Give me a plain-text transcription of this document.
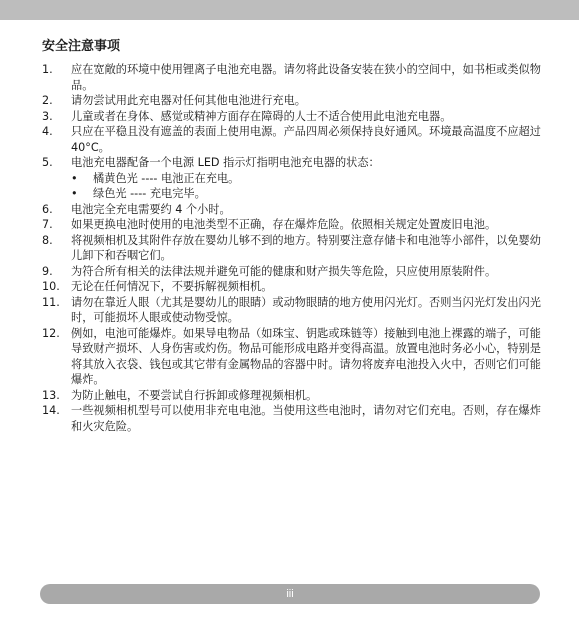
安全注意事项
1.	应在宽敞的环境中使用锂离子电池充电器。请勿将此设备安装在狭小的空间中，如书柜或类似物品。
2.	请勿尝试用此充电器对任何其他电池进行充电。
3.	儿童或者在身体、感觉或精神方面存在障碍的人士不适合使用此电池充电器。
4.	只应在平稳且没有遮盖的表面上使用电源。产品四周必须保持良好通风。环境最高温度不应超过 40°C。
5.	电池充电器配备一个电源 LED 指示灯指明电池充电器的状态：
•	橘黄色光 ---- 电池正在充电。
•	绿色光 ---- 充电完毕。
6.	电池完全充电需要约 4 个小时。
7.	如果更换电池时使用的电池类型不正确，存在爆炸危险。依照相关规定处置废旧电池。
8.	将视频相机及其附件存放在婴幼儿够不到的地方。特别要注意存储卡和电池等小部件，以免婴幼儿卸下和吞咽它们。
9.	为符合所有相关的法律法规并避免可能的健康和财产损失等危险，只应使用原装附件。
10.	无论在任何情况下，不要拆解视频相机。
11.	请勿在靠近人眼（尤其是婴幼儿的眼睛）或动物眼睛的地方使用闪光灯。否则当闪光灯发出闪光时，可能损坏人眼或使动物受惊。
12.	例如，电池可能爆炸。如果导电物品（如珠宝、钥匙或珠链等）接触到电池上裸露的端子，可能导致财产损坏、人身伤害或灼伤。物品可能形成电路并变得高温。放置电池时务必小心，特别是将其放入衣袋、钱包或其它带有金属物品的容器中时。请勿将废弃电池投入火中，否则它们可能爆炸。
13.	为防止触电，不要尝试自行拆卸或修理视频相机。
14.	一些视频相机型号可以使用非充电电池。当使用这些电池时，请勿对它们充电。否则，存在爆炸和火灾危险。
iii
